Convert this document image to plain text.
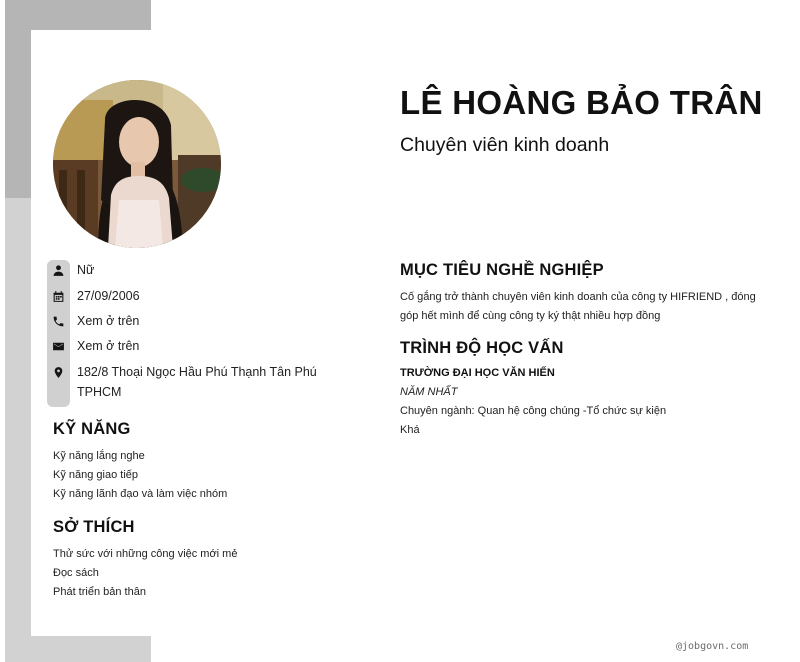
Nữ
27/09/2006
Xem ở trên
Xem ở trên
182/8 Thoại Ngọc Hầu Phú Thạnh Tân Phú
TPHCM
KỸ NĂNG
Kỹ năng lắng nghe
Kỹ năng giao tiếp
Kỹ năng lãnh đạo và làm việc nhóm
SỞ THÍCH
Thử sức với những công việc mới mẻ
Đọc sách
Phát triển bản thân
LÊ HOÀNG BẢO TRÂN
Chuyên viên kinh doanh
MỤC TIÊU NGHỀ NGHIỆP
Cố gắng trở thành chuyên viên kinh doanh của công ty HIFRIEND , đóng
góp hết mình để cùng công ty ký thật nhiều hợp đồng
TRÌNH ĐỘ HỌC VẤN
TRƯỜNG ĐẠI HỌC VĂN HIẾN
NĂM NHẤT
Chuyên ngành: Quan hệ công chúng -Tổ chức sự kiện
Khá
@jobgovn.com
